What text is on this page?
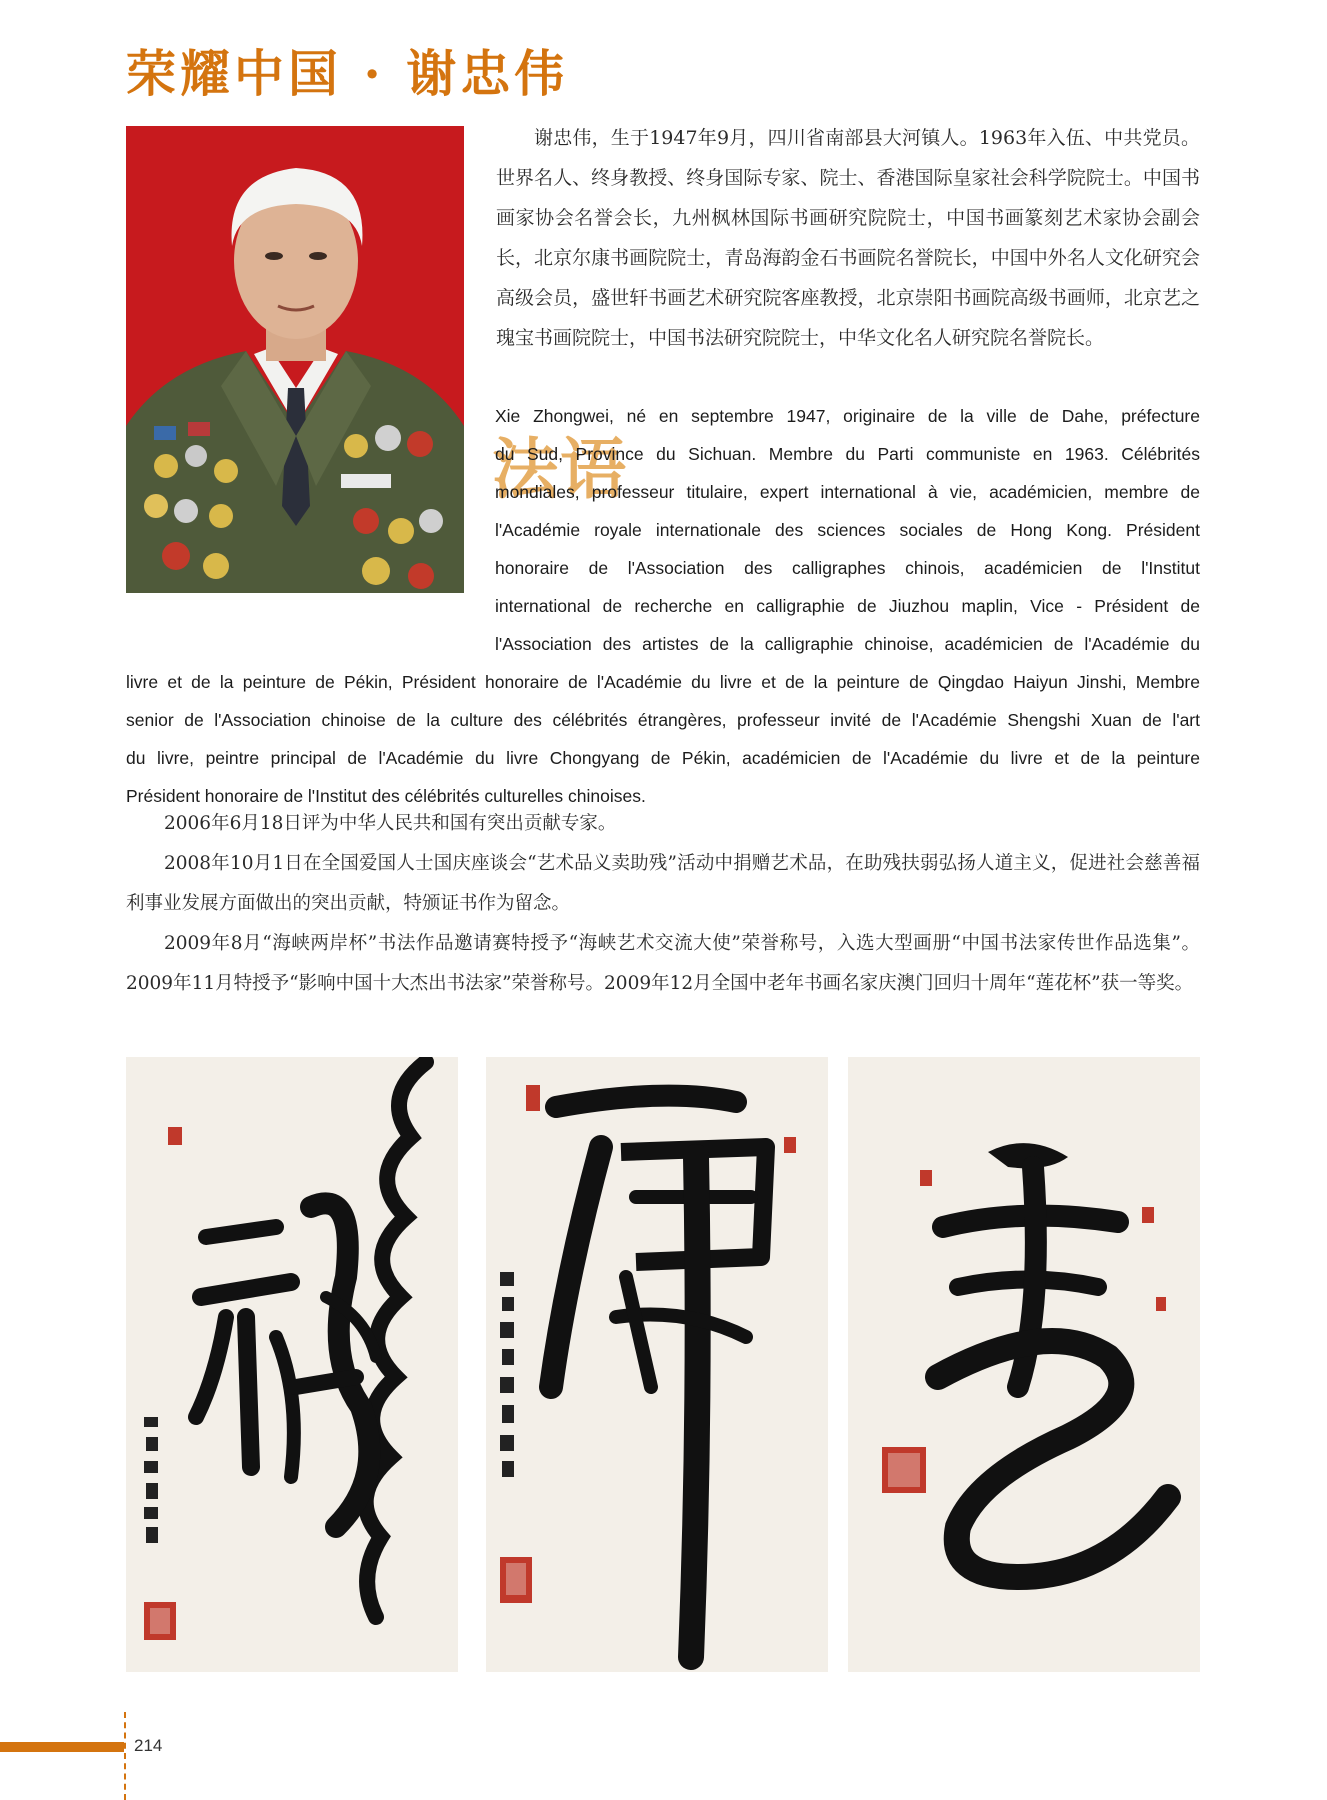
荣耀中国 · 谢忠伟

谢忠伟，生于1947年9月，四川省南部县大河镇人。1963年入伍、中共党员。世界名人、终身教授、终身国际专家、院士、香港国际皇家社会科学院院士。中国书画家协会名誉会长，九州枫林国际书画研究院院士，中国书画篆刻艺术家协会副会长，北京尔康书画院院士，青岛海韵金石书画院名誉院长，中国中外名人文化研究会高级会员，盛世轩书画艺术研究院客座教授，北京崇阳书画院高级书画师，北京艺之瑰宝书画院院士，中国书法研究院院士，中华文化名人研究院名誉院长。

法语
Xie Zhongwei, né en septembre 1947, originaire de la ville de Dahe, préfecture
du Sud, Province du Sichuan. Membre du Parti communiste en 1963. Célébrités
mondiales, professeur titulaire, expert international à vie, académicien, membre de
l'Académie royale internationale des sciences sociales de Hong Kong. Président
honoraire de l'Association des calligraphes chinois, académicien de l'Institut
international de recherche en calligraphie de Jiuzhou maplin, Vice - Président de
l'Association des artistes de la calligraphie chinoise, académicien de l'Académie du
livre et de la peinture de Pékin, Président honoraire de l'Académie du livre et de la peinture de Qingdao Haiyun Jinshi, Membre
senior de l'Association chinoise de la culture des célébrités étrangères, professeur invité de l'Académie Shengshi Xuan de l'art
du livre, peintre principal de l'Académie du livre Chongyang de Pékin, académicien de l'Académie du livre et de la peinture
Président honoraire de l'Institut des célébrités culturelles chinoises.

2006年6月18日评为中华人民共和国有突出贡献专家。

2008年10月1日在全国爱国人士国庆座谈会“艺术品义卖助残”活动中捐赠艺术品，在助残扶弱弘扬人道主义，促进社会慈善福利事业发展方面做出的突出贡献，特颁证书作为留念。

2009年8月“海峡两岸杯”书法作品邀请赛特授予“海峡艺术交流大使”荣誉称号，入选大型画册“中国书法家传世作品选集”。2009年11月特授予“影响中国十大杰出书法家”荣誉称号。2009年12月全国中老年书画名家庆澳门回归十周年“莲花杯”获一等奖。

214
